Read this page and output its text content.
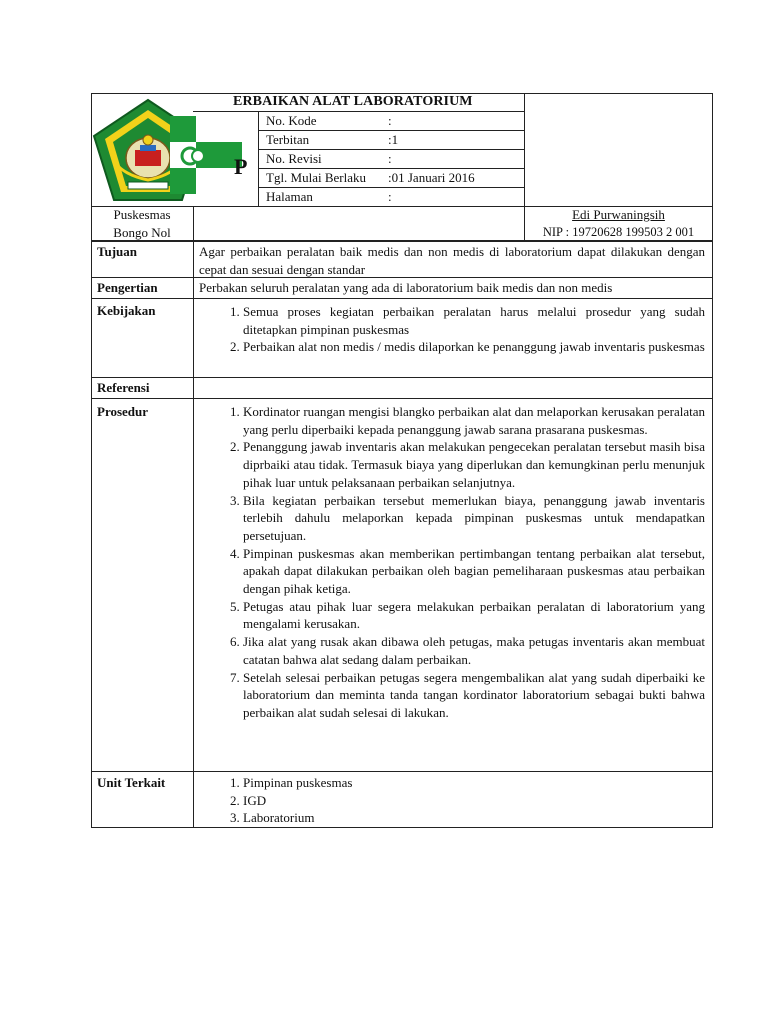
P
ERBAIKAN ALAT LABORATORIUM
No. Kode	:
Terbitan	:1
No. Revisi	:
Tgl. Mulai Berlaku :01 Januari 2016
Halaman	:
Puskesmas
Bongo Nol
Edi Purwaningsih
NIP : 19720628 199503 2 001
Tujuan	Agar perbaikan peralatan baik medis dan non medis di laboratorium dapat dilakukan dengan cepat dan sesuai dengan standar
Pengertian	Perbakan seluruh peralatan yang ada di laboratorium baik medis dan non medis
Kebijakan	1. Semua proses kegiatan perbaikan peralatan harus melalui prosedur yang sudah ditetapkan pimpinan puskesmas
2. Perbaikan alat non medis / medis dilaporkan ke penanggung jawab inventaris puskesmas
Referensi
Prosedur	1. Kordinator ruangan mengisi blangko perbaikan alat dan melaporkan kerusakan peralatan yang perlu diperbaiki kepada penanggung jawab sarana prasarana puskesmas.
2. Penanggung jawab inventaris akan melakukan pengecekan peralatan tersebut masih bisa diprbaiki atau tidak. Termasuk biaya yang diperlukan dan kemungkinan perlu menunjuk pihak luar untuk pelaksanaan perbaikan selanjutnya.
3. Bila kegiatan perbaikan tersebut memerlukan biaya, penanggung jawab inventaris terlebih dahulu melaporkan kepada pimpinan puskesmas untuk mendapatkan persetujuan.
4. Pimpinan puskesmas akan memberikan pertimbangan tentang perbaikan alat tersebut, apakah dapat dilakukan perbaikan oleh bagian pemeliharaan puskesmas atau perbaikan dengan pihak ketiga.
5. Petugas atau pihak luar segera melakukan perbaikan peralatan di laboratorium yang mengalami kerusakan.
6. Jika alat yang rusak akan dibawa oleh petugas, maka petugas inventaris akan membuat catatan bahwa alat sedang dalam perbaikan.
7. Setelah selesai perbaikan petugas segera mengembalikan alat yang sudah diperbaiki ke laboratorium dan meminta tanda tangan kordinator laboratorium sebagai bukti bahwa perbaikan alat sudah selesai di lakukan.
Unit Terkait	1. Pimpinan puskesmas
2. IGD
3. Laboratorium
